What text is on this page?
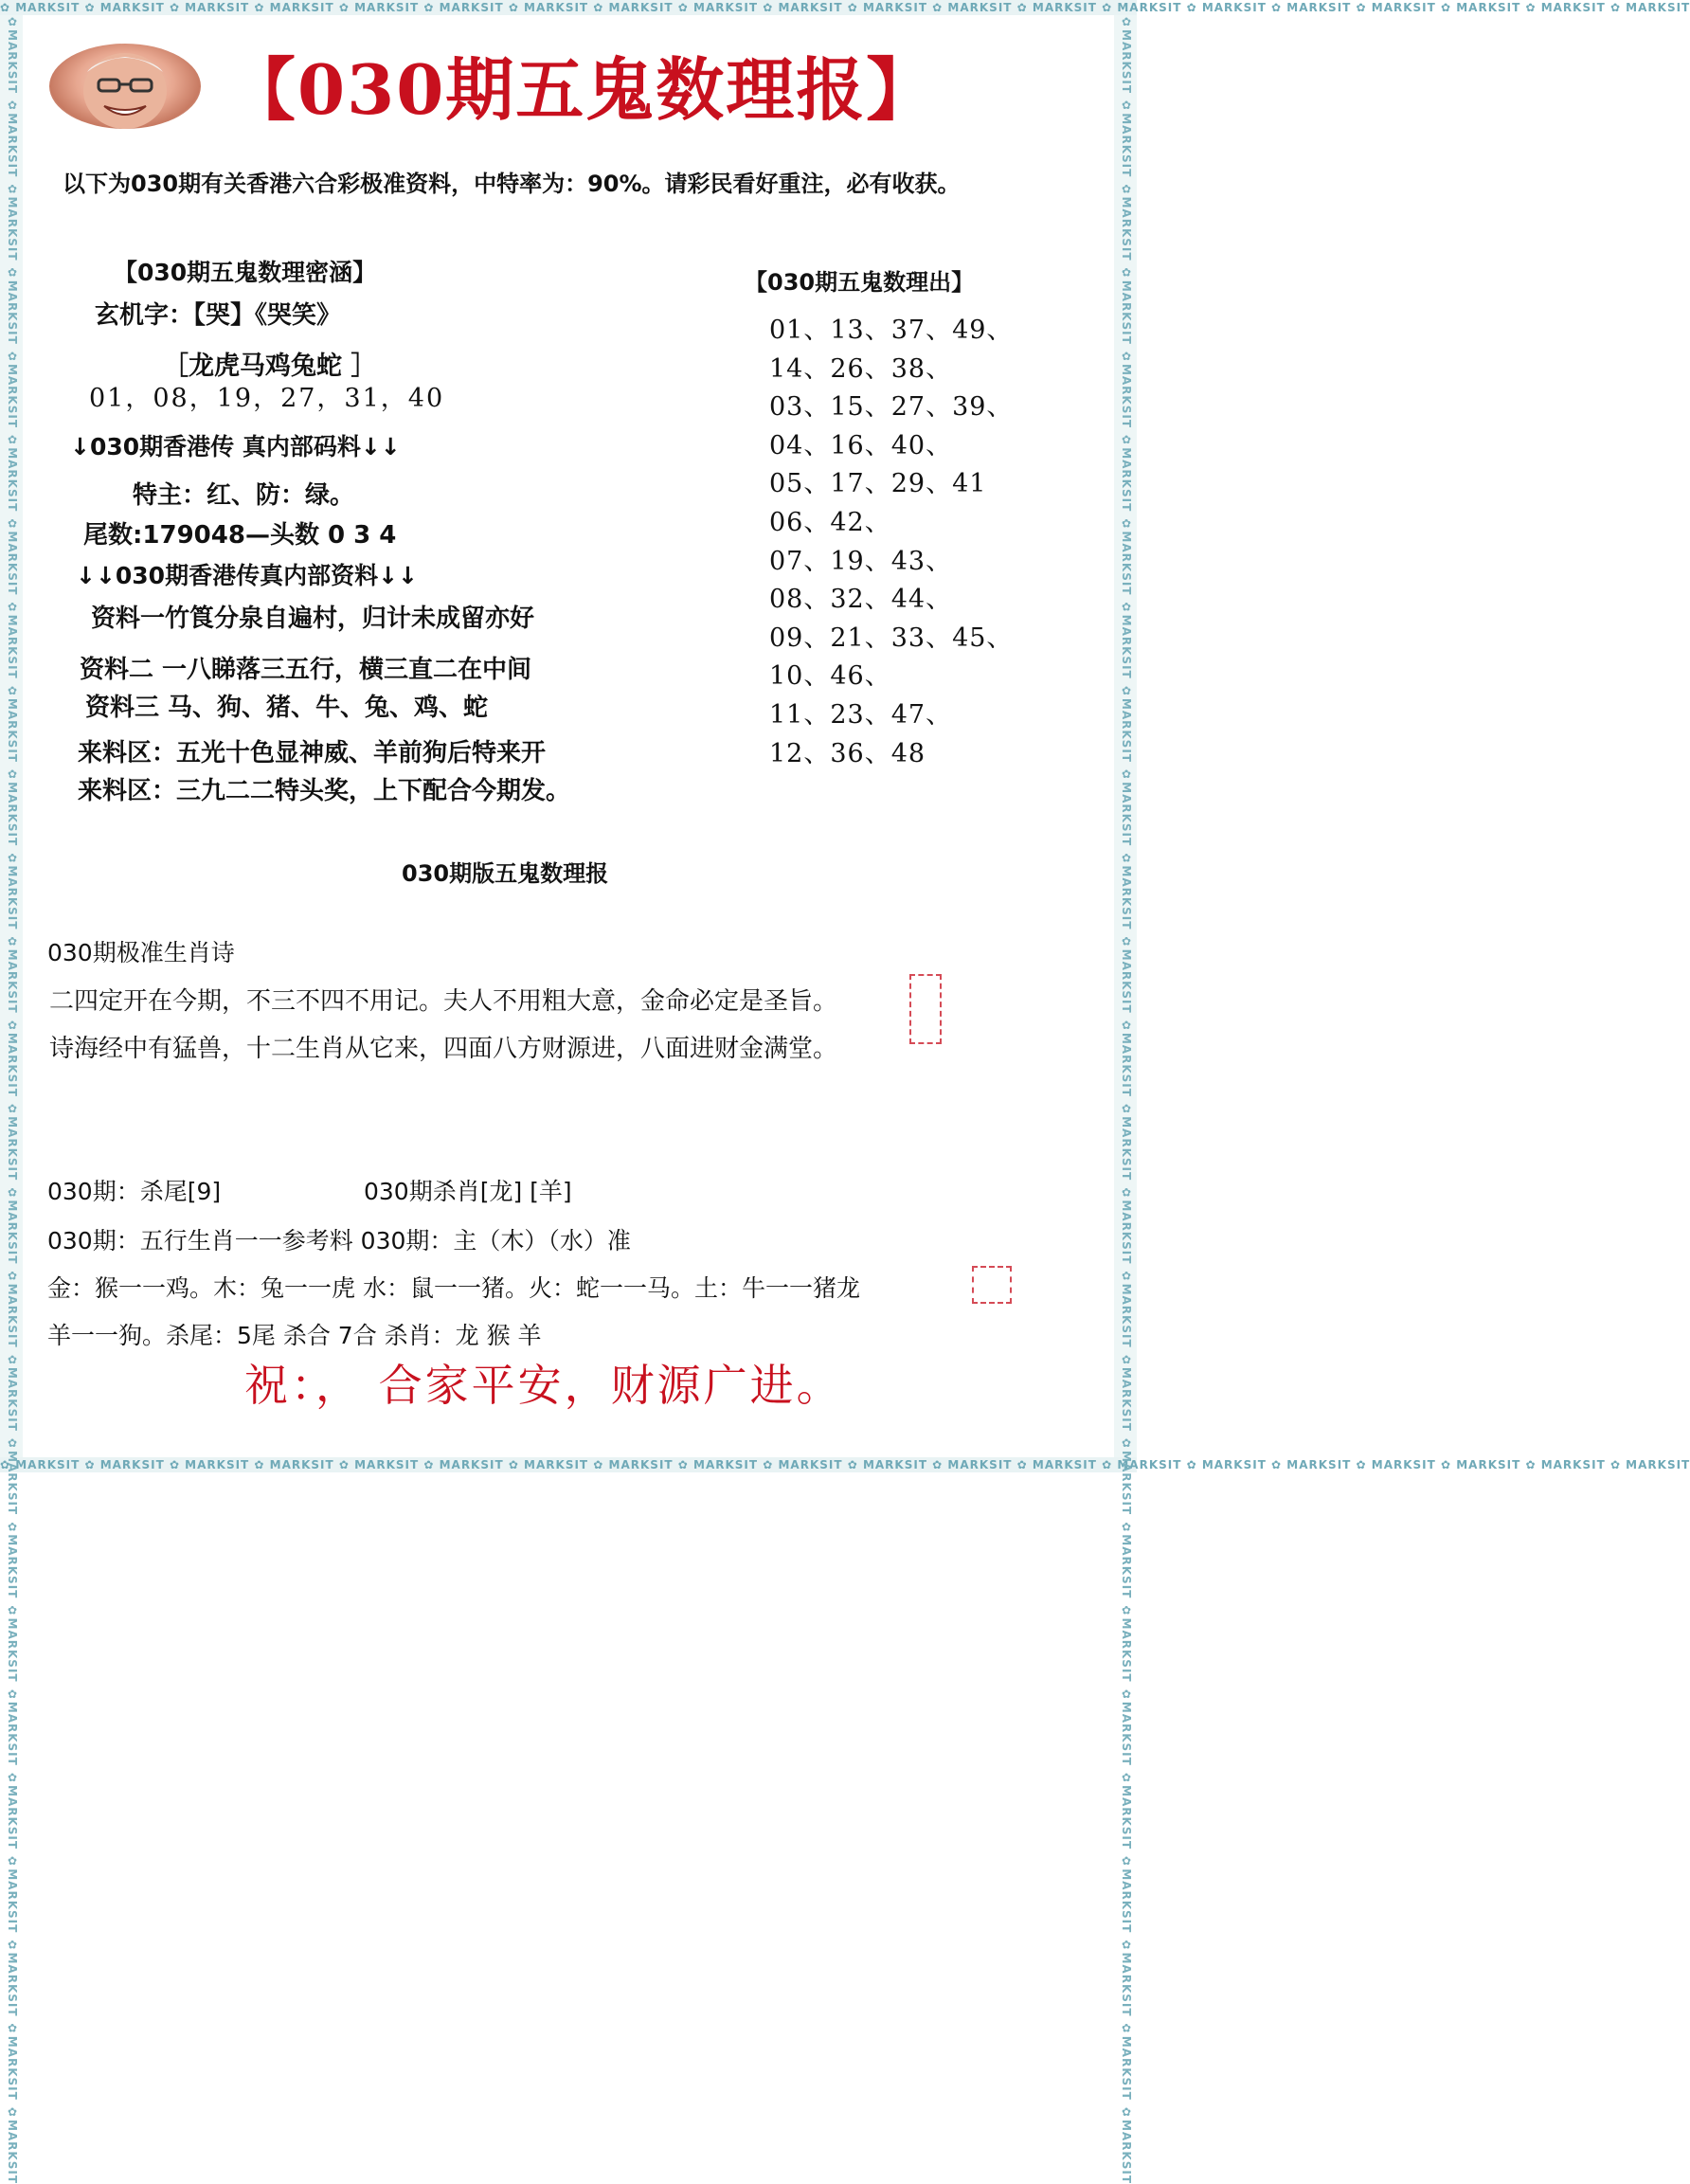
✿ MARKSIT ✿ MARKSIT ✿ MARKSIT ✿ MARKSIT ✿ MARKSIT ✿ MARKSIT ✿ MARKSIT ✿ MARKSIT ✿ MARKSIT ✿ MARKSIT ✿ MARKSIT ✿ MARKSIT ✿ MARKSIT ✿ MARKSIT ✿ MARKSIT ✿ MARKSIT ✿ MARKSIT ✿ MARKSIT ✿ MARKSIT ✿ MARKSIT
✿ MARKSIT ✿ MARKSIT ✿ MARKSIT ✿ MARKSIT ✿ MARKSIT ✿ MARKSIT ✿ MARKSIT ✿ MARKSIT ✿ MARKSIT ✿ MARKSIT ✿ MARKSIT ✿ MARKSIT ✿ MARKSIT ✿ MARKSIT ✿ MARKSIT ✿ MARKSIT ✿ MARKSIT ✿ MARKSIT ✿ MARKSIT ✿ MARKSIT
✿MARKSIT ✿MARKSIT ✿MARKSIT ✿MARKSIT ✿MARKSIT ✿MARKSIT ✿MARKSIT ✿MARKSIT ✿MARKSIT ✿MARKSIT ✿MARKSIT ✿MARKSIT ✿MARKSIT ✿MARKSIT ✿MARKSIT ✿MARKSIT ✿MARKSIT ✿MARKSIT ✿MARKSIT ✿MARKSIT ✿MARKSIT ✿MARKSIT ✿MARKSIT ✿MARKSIT ✿MARKSIT ✿MARKSIT	✿MARKSIT ✿MARKSIT ✿MARKSIT ✿MARKSIT ✿MARKSIT ✿MARKSIT ✿MARKSIT ✿MARKSIT ✿MARKSIT ✿MARKSIT ✿MARKSIT ✿MARKSIT ✿MARKSIT ✿MARKSIT ✿MARKSIT ✿MARKSIT ✿MARKSIT ✿MARKSIT ✿MARKSIT ✿MARKSIT ✿MARKSIT ✿MARKSIT ✿MARKSIT ✿MARKSIT ✿MARKSIT ✿MARKSIT
【030期五鬼数理报】
以下为030期有关香港六合彩极准资料，中特率为：90%。请彩民看好重注，必有收获。
【030期五鬼数理密涵】
玄机字：【哭】《哭笑》
［龙虎马鸡兔蛇 ］
01，08，19，27，31，40
↓030期香港传 真内部码料↓↓
特主：红、防：绿。
尾数:179048—头数 0 3 4
↓↓030期香港传真内部资料↓↓
资料一竹筤分泉自遍村，归计未成留亦好
资料二 一八睇落三五行，横三直二在中间
资料三 马、狗、猪、牛、兔、鸡、蛇
来料区：五光十色显神威、羊前狗后特来开
来料区：三九二二特头奖，上下配合今期发。
【030期五鬼数理出】
01、13、37、49、
14、26、38、
03、15、27、39、
04、16、40、
05、17、29、41
06、42、
07、19、43、
08、32、44、
09、21、33、45、
10、46、
11、23、47、
12、36、48
030期版五鬼数理报
030期极准生肖诗
二四定开在今期，不三不四不用记。夫人不用粗大意，金命必定是圣旨。
诗海经中有猛兽，十二生肖从它来，四面八方财源进，八面进财金满堂。
030期：杀尾[9]	030期杀肖[龙] [羊]
030期：五行生肖一一参考料 030期：主（木）（水）准
金：猴一一鸡。木：兔一一虎 水：鼠一一猪。火：蛇一一马。土：牛一一猪龙
羊一一狗。杀尾：5尾 杀合 7合 杀肖：龙 猴 羊
祝：， 合家平安，财源广进。
